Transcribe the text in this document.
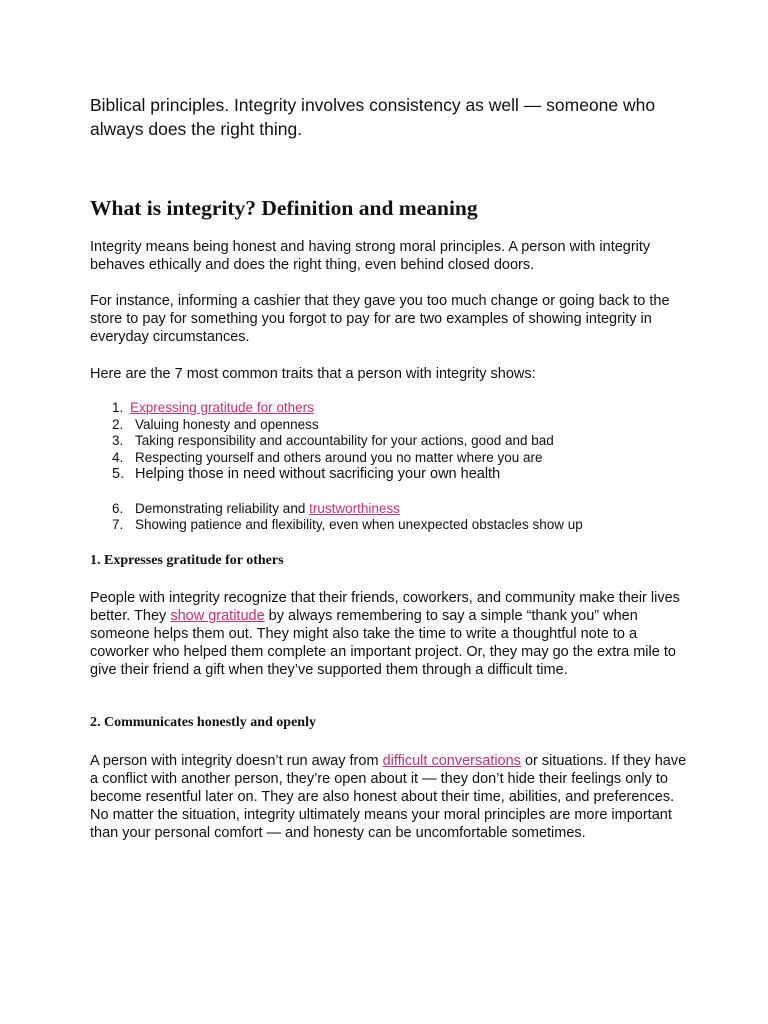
Biblical principles. Integrity involves consistency as well — someone who always does the right thing.

What is integrity? Definition and meaning

Integrity means being honest and having strong moral principles. A person with integrity behaves ethically and does the right thing, even behind closed doors.

For instance, informing a cashier that they gave you too much change or going back to the store to pay for something you forgot to pay for are two examples of showing integrity in everyday circumstances.

Here are the 7 most common traits that a person with integrity shows:

1. Expressing gratitude for others
2. Valuing honesty and openness
3. Taking responsibility and accountability for your actions, good and bad
4. Respecting yourself and others around you no matter where you are
5. Helping those in need without sacrificing your own health
6. Demonstrating reliability and trustworthiness
7. Showing patience and flexibility, even when unexpected obstacles show up
1. Expresses gratitude for others

People with integrity recognize that their friends, coworkers, and community make their lives better. They show gratitude by always remembering to say a simple “thank you” when someone helps them out. They might also take the time to write a thoughtful note to a coworker who helped them complete an important project. Or, they may go the extra mile to give their friend a gift when they’ve supported them through a difficult time.

2. Communicates honestly and openly

A person with integrity doesn’t run away from difficult conversations or situations. If they have a conflict with another person, they’re open about it — they don’t hide their feelings only to become resentful later on. They are also honest about their time, abilities, and preferences. No matter the situation, integrity ultimately means your moral principles are more important than your personal comfort — and honesty can be uncomfortable sometimes.
